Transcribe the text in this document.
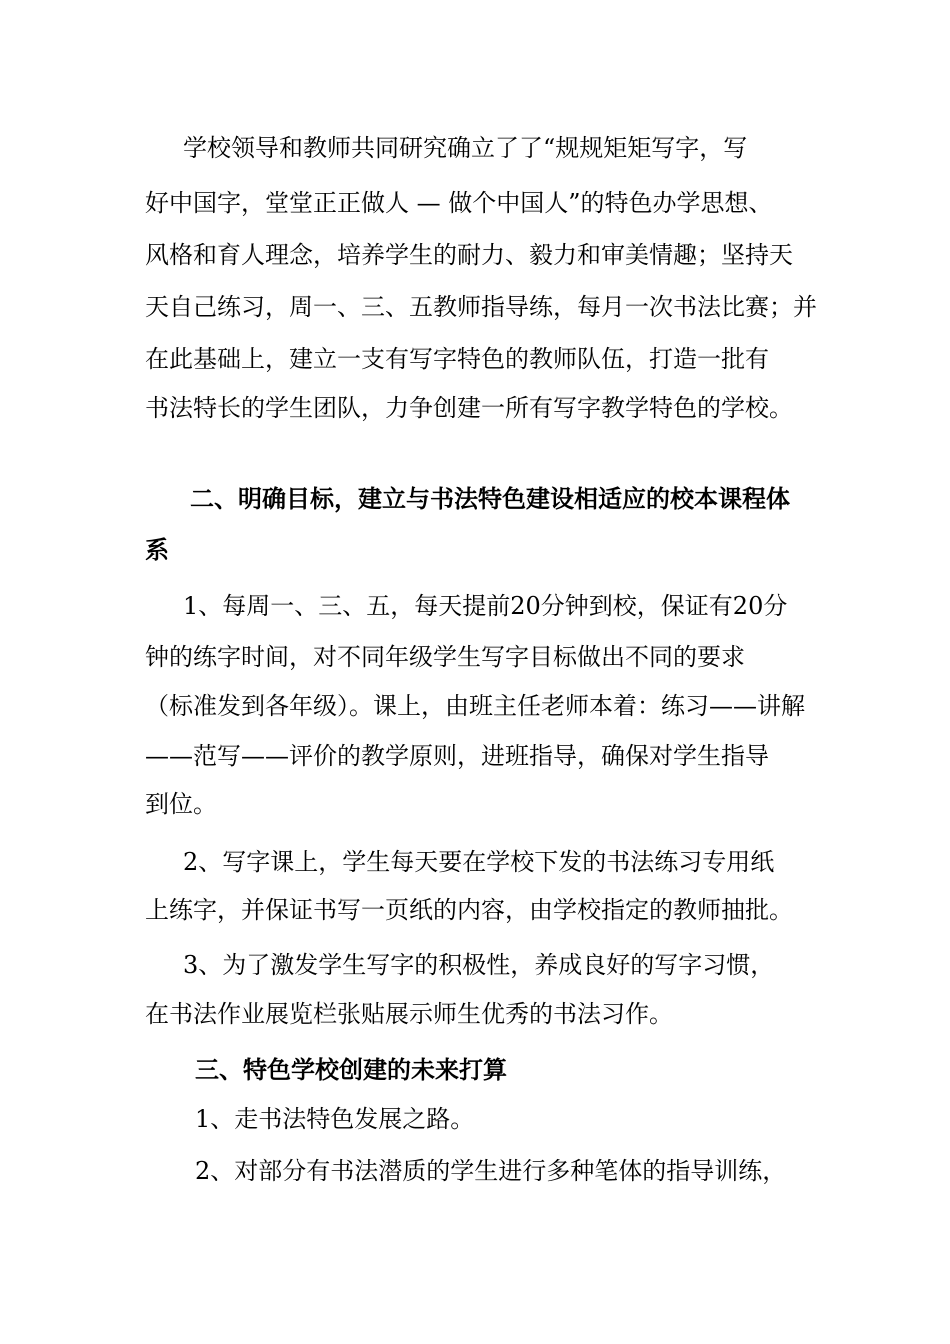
学校领导和教师共同研究确立了了“规规矩矩写字，写
好中国字，堂堂正正做人 — 做个中国人”的特色办学思想、
风格和育人理念，培养学生的耐力、毅力和审美情趣；坚持天
天自己练习，周一、三、五教师指导练，每月一次书法比赛；并
在此基础上，建立一支有写字特色的教师队伍，打造一批有
书法特长的学生团队，力争创建一所有写字教学特色的学校。
二、明确目标，建立与书法特色建设相适应的校本课程体
系
1、每周一、三、五，每天提前20分钟到校，保证有20分
钟的练字时间，对不同年级学生写字目标做出不同的要求
（标准发到各年级）。课上，由班主任老师本着：练习——讲解
——范写——评价的教学原则，进班指导，确保对学生指导
到位。
2、写字课上，学生每天要在学校下发的书法练习专用纸
上练字，并保证书写一页纸的内容，由学校指定的教师抽批。
3、为了激发学生写字的积极性，养成良好的写字习惯，
在书法作业展览栏张贴展示师生优秀的书法习作。
三、特色学校创建的未来打算
1、走书法特色发展之路。
2、对部分有书法潜质的学生进行多种笔体的指导训练，
